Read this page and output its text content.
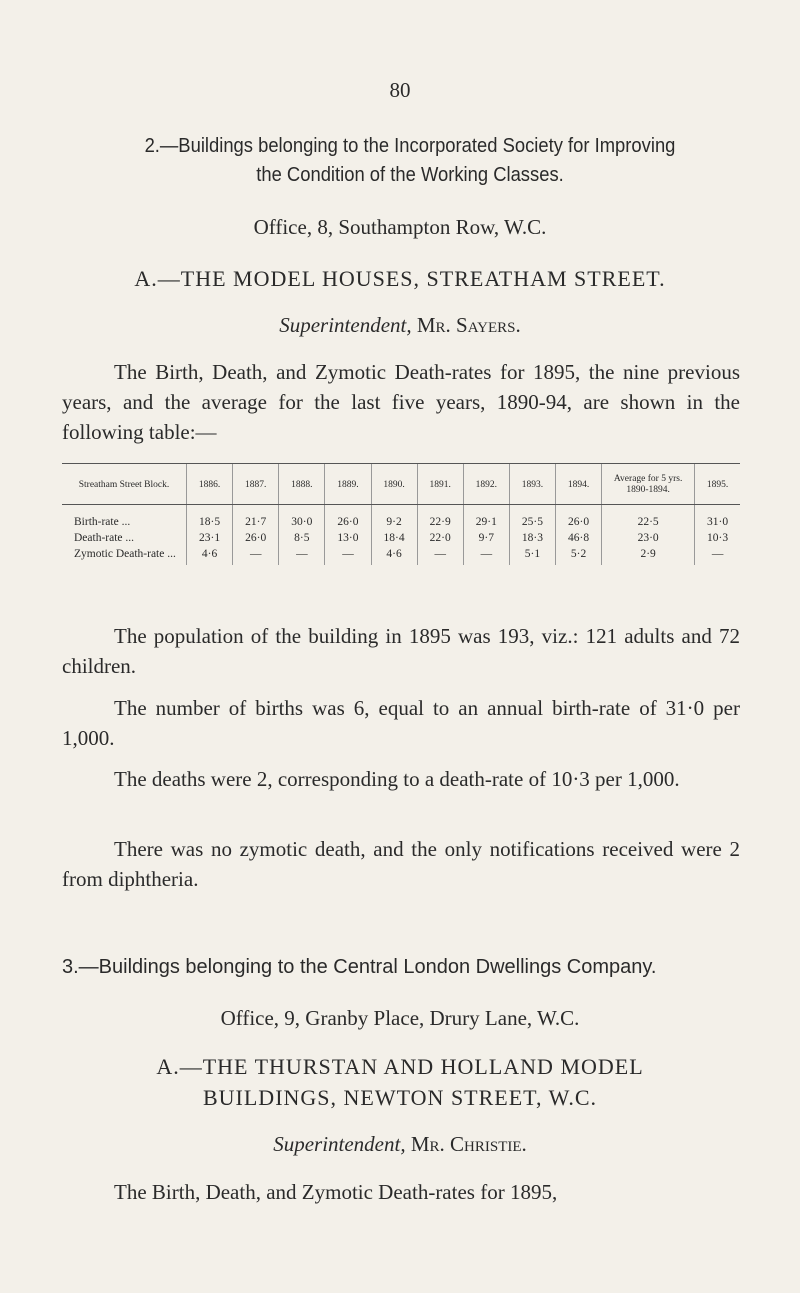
80
2.—Buildings belonging to the Incorporated Society for Improving
the Condition of the Working Classes.
Office, 8, Southampton Row, W.C.
A.—THE MODEL HOUSES, STREATHAM STREET.
Superintendent, Mr. Sayers.
The Birth, Death, and Zymotic Death-rates for 1895, the nine previous years, and the average for the last five years, 1890-94, are shown in the following table:—
Streatham Street Block.	1886.	1887.	1888.	1889.	1890.	1891.	1892.	1893.	1894.	Average for 5 yrs. 1890-1894.	1895.
Birth-rate ...	18·5	21·7	30·0	26·0	9·2	22·9	29·1	25·5	26·0	22·5	31·0
Death-rate ...	23·1	26·0	8·5	13·0	18·4	22·0	9·7	18·3	46·8	23·0	10·3
Zymotic Death-rate ...	4·6	—	—	—	4·6	—	—	5·1	5·2	2·9	—
The population of the building in 1895 was 193, viz.: 121 adults and 72 children.
The number of births was 6, equal to an annual birth-rate of 31·0 per 1,000.
The deaths were 2, corresponding to a death-rate of 10·3 per 1,000.
There was no zymotic death, and the only notifications received were 2 from diphtheria.
3.—Buildings belonging to the Central London Dwellings Company.
Office, 9, Granby Place, Drury Lane, W.C.
A.—THE THURSTAN AND HOLLAND MODEL
BUILDINGS, NEWTON STREET, W.C.
Superintendent, Mr. Christie.
The Birth, Death, and Zymotic Death-rates for 1895,
